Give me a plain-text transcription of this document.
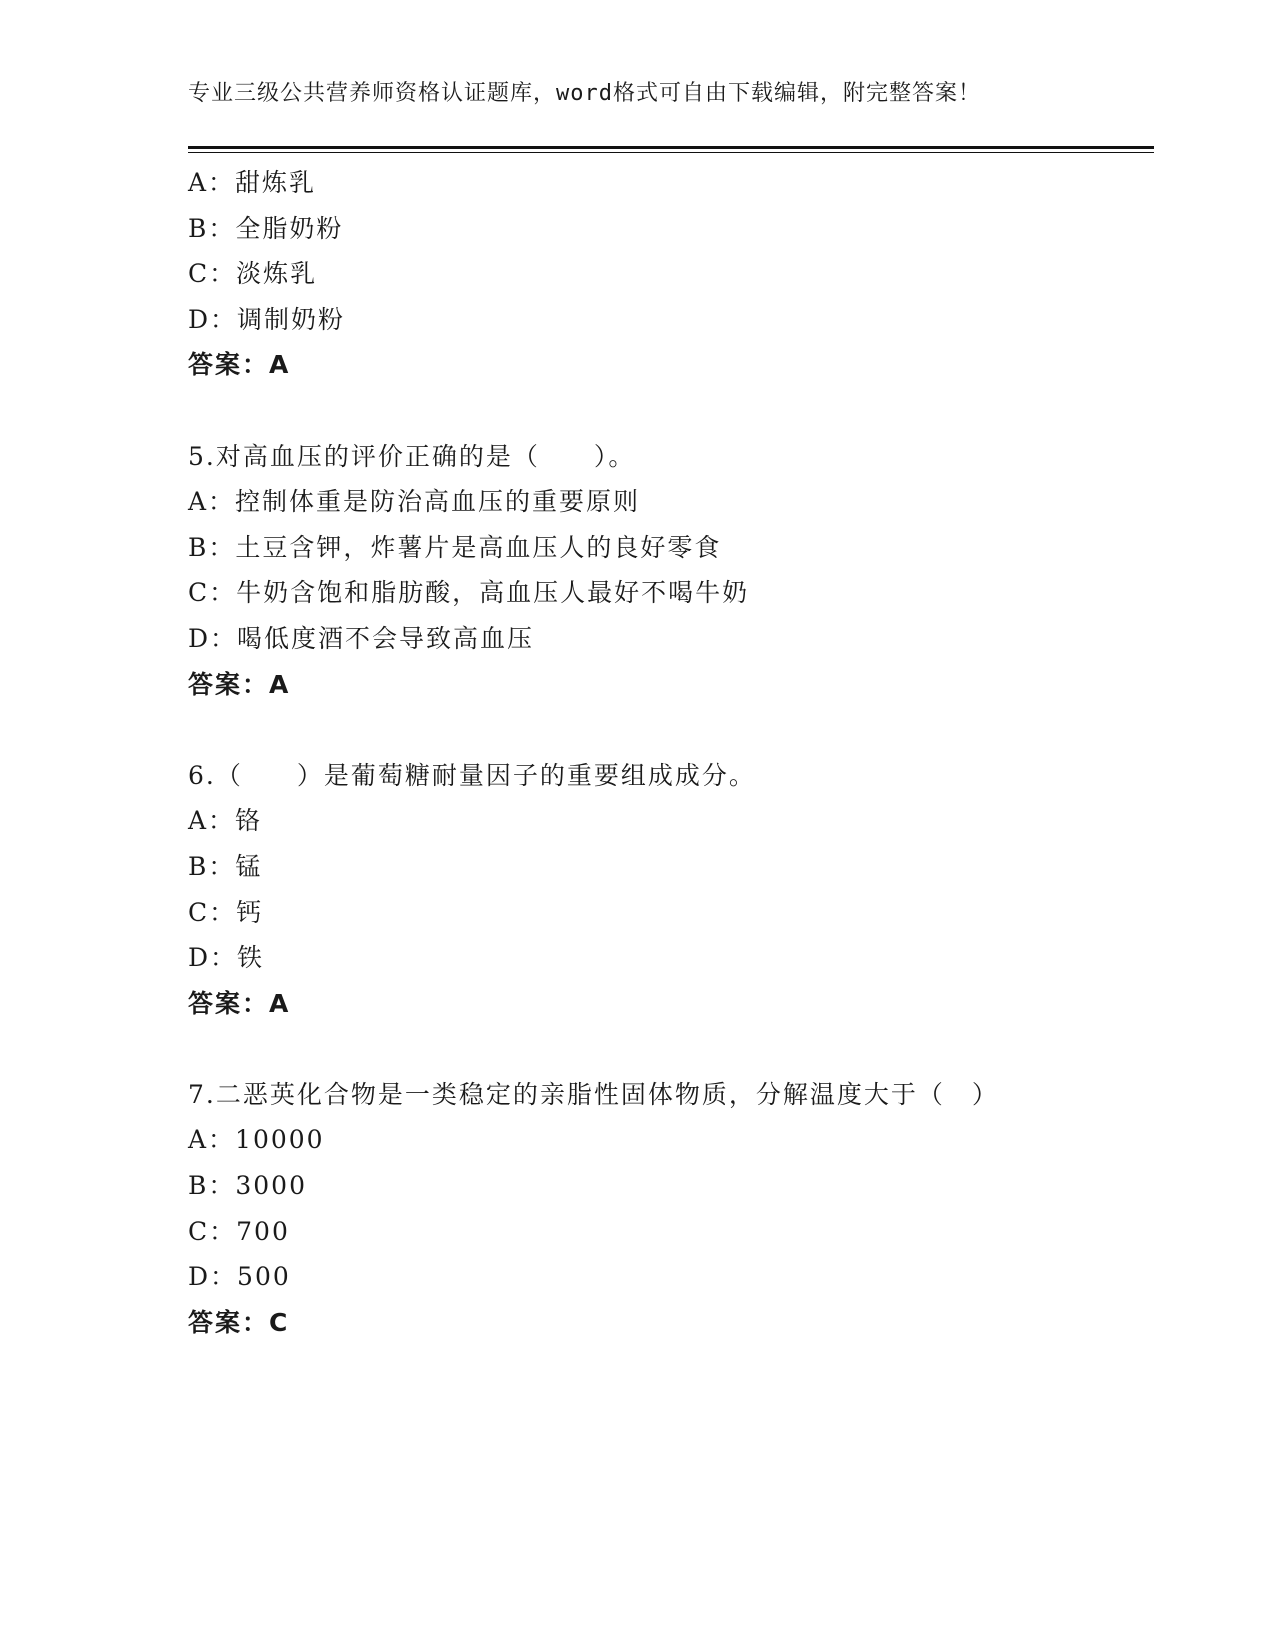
专业三级公共营养师资格认证题库，word格式可自由下载编辑，附完整答案！
A：甜炼乳
B：全脂奶粉
C：淡炼乳
D：调制奶粉
答案：A
5.对高血压的评价正确的是（　　）。
A：控制体重是防治高血压的重要原则
B：土豆含钾，炸薯片是高血压人的良好零食
C：牛奶含饱和脂肪酸，高血压人最好不喝牛奶
D：喝低度酒不会导致高血压
答案：A
6.（　　）是葡萄糖耐量因子的重要组成成分。
A：铬
B：锰
C：钙
D：铁
答案：A
7.二恶英化合物是一类稳定的亲脂性固体物质，分解温度大于（　）
A：10000
B：3000
C：700
D：500
答案：C
